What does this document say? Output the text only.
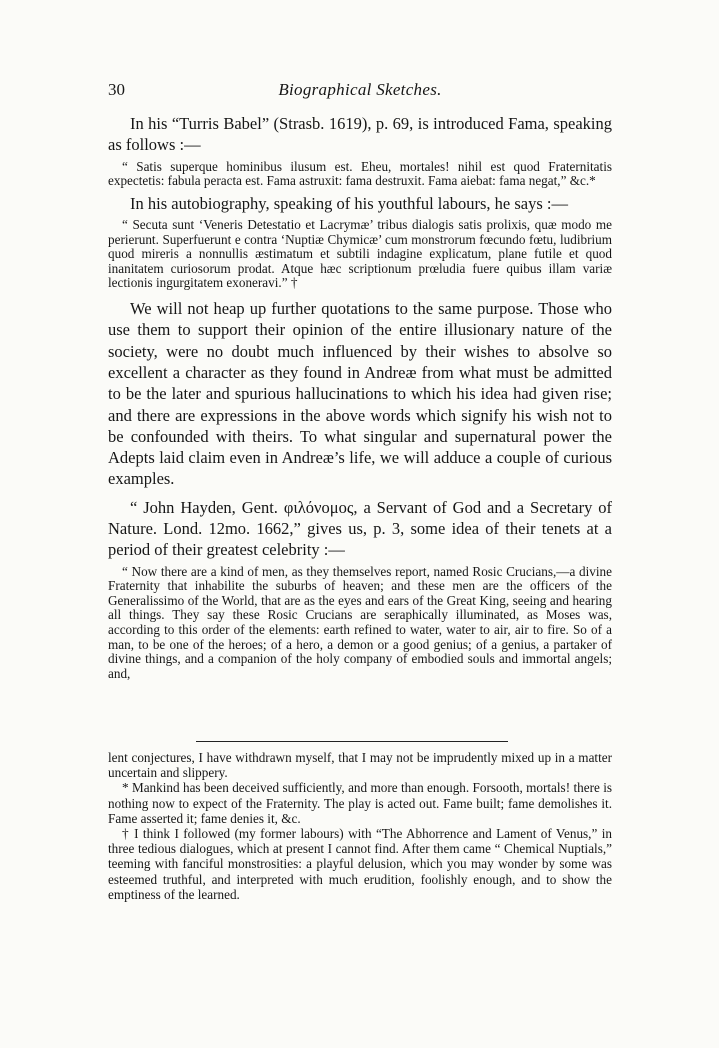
30	Biographical Sketches.

In his “Turris Babel” (Strasb. 1619), p. 69, is introduced Fama, speaking as follows :—

“ Satis superque hominibus ilusum est. Eheu, mortales! nihil est quod Fraternitatis expectetis: fabula peracta est. Fama astruxit: fama destruxit. Fama aiebat: fama negat,” &c.*

In his autobiography, speaking of his youthful labours, he says :—

“ Secuta sunt ‘Veneris Detestatio et Lacrymæ’ tribus dialogis satis prolixis, quæ modo me perierunt. Superfuerunt e contra ‘Nuptiæ Chymicæ’ cum monstrorum fœcundo fœtu, ludibrium quod mireris a nonnullis æstimatum et subtili indagine explicatum, plane futile et quod inanitatem curiosorum prodat. Atque hæc scriptionum prœludia fuere quibus illam variæ lectionis ingurgitatem exoneravi.” †

We will not heap up further quotations to the same purpose. Those who use them to support their opinion of the entire illusionary nature of the society, were no doubt much influenced by their wishes to absolve so excellent a character as they found in Andreæ from what must be admitted to be the later and spurious hallucinations to which his idea had given rise; and there are expressions in the above words which signify his wish not to be confounded with theirs. To what singular and supernatural power the Adepts laid claim even in Andreæ’s life, we will adduce a couple of curious examples.

“ John Hayden, Gent. φιλόνομος, a Servant of God and a Secretary of Nature. Lond. 12mo. 1662,” gives us, p. 3, some idea of their tenets at a period of their greatest celebrity :—

“ Now there are a kind of men, as they themselves report, named Rosic Crucians,—a divine Fraternity that inhabilite the suburbs of heaven; and these men are the officers of the Generalissimo of the World, that are as the eyes and ears of the Great King, seeing and hearing all things. They say these Rosic Crucians are seraphically illuminated, as Moses was, according to this order of the elements: earth refined to water, water to air, air to fire. So of a man, to be one of the heroes; of a hero, a demon or a good genius; of a genius, a partaker of divine things, and a companion of the holy company of embodied souls and immortal angels; and,

lent conjectures, I have withdrawn myself, that I may not be imprudently mixed up in a matter uncertain and slippery.

* Mankind has been deceived sufficiently, and more than enough. Forsooth, mortals! there is nothing now to expect of the Fraternity. The play is acted out. Fame built; fame demolishes it. Fame asserted it; fame denies it, &c.

† I think I followed (my former labours) with “The Abhorrence and Lament of Venus,” in three tedious dialogues, which at present I cannot find. After them came “ Chemical Nuptials,” teeming with fanciful monstrosities: a playful delusion, which you may wonder by some was esteemed truthful, and interpreted with much erudition, foolishly enough, and to show the emptiness of the learned.
